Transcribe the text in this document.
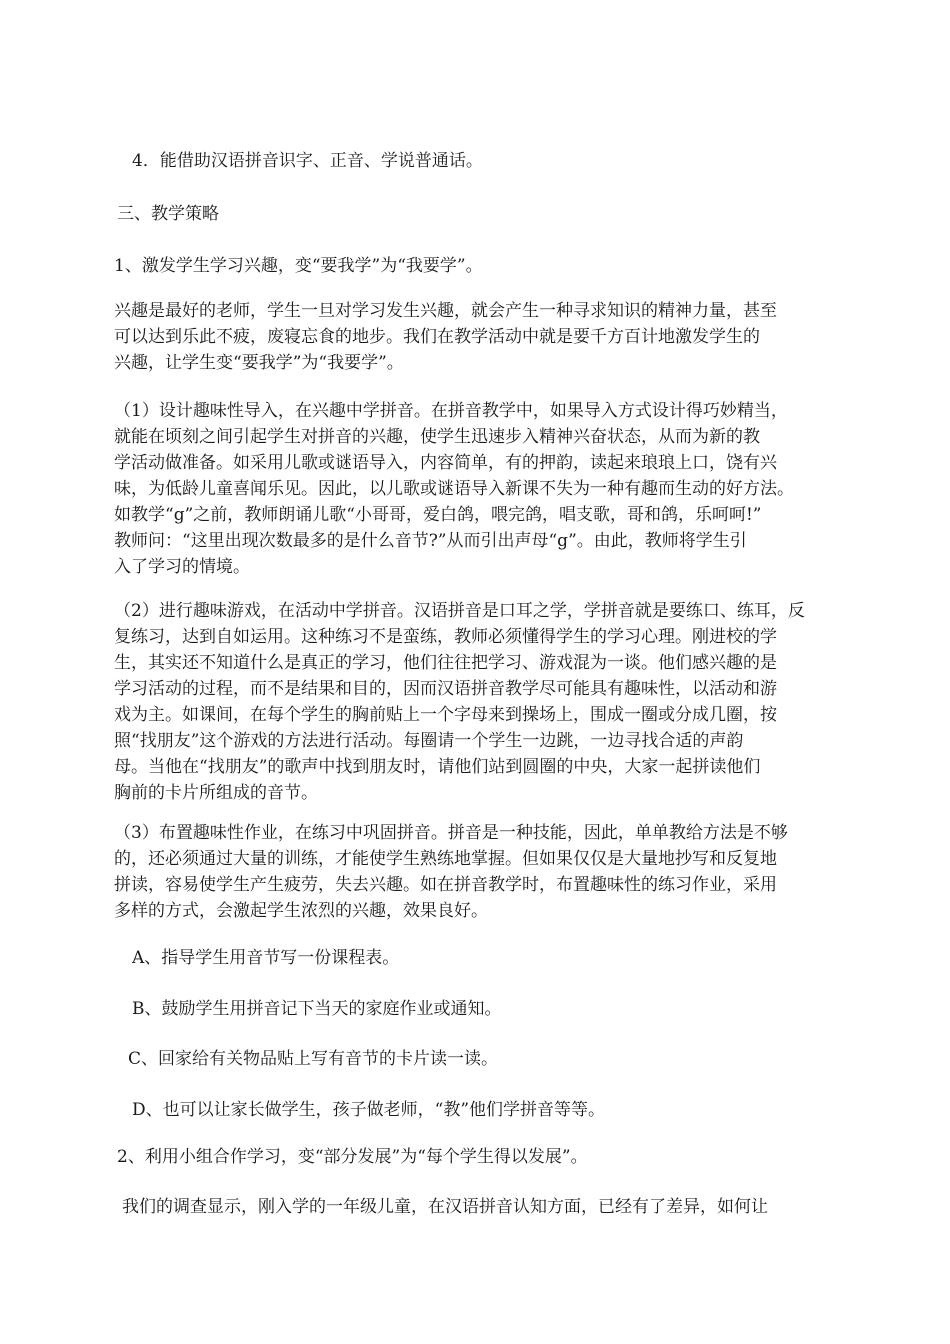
4．能借助汉语拼音识字、正音、学说普通话。
三、教学策略
1、激发学生学习兴趣，变“要我学”为“我要学”。
兴趣是最好的老师，学生一旦对学习发生兴趣，就会产生一种寻求知识的精神力量，甚至
可以达到乐此不疲，废寝忘食的地步。我们在教学活动中就是要千方百计地激发学生的
兴趣，让学生变“要我学”为“我要学”。
（1）设计趣味性导入，在兴趣中学拼音。在拼音教学中，如果导入方式设计得巧妙精当，
就能在顷刻之间引起学生对拼音的兴趣，使学生迅速步入精神兴奋状态，从而为新的教
学活动做准备。如采用儿歌或谜语导入，内容简单，有的押韵，读起来琅琅上口，饶有兴
味，为低龄儿童喜闻乐见。因此，以儿歌或谜语导入新课不失为一种有趣而生动的好方法。
如教学“g”之前，教师朗诵儿歌“小哥哥，爱白鸽，喂完鸽，唱支歌，哥和鸽，乐呵呵!”
教师问：“这里出现次数最多的是什么音节?”从而引出声母“g”。由此，教师将学生引
入了学习的情境。
（2）进行趣味游戏，在活动中学拼音。汉语拼音是口耳之学，学拼音就是要练口、练耳，反
复练习，达到自如运用。这种练习不是蛮练，教师必须懂得学生的学习心理。刚进校的学
生，其实还不知道什么是真正的学习，他们往往把学习、游戏混为一谈。他们感兴趣的是
学习活动的过程，而不是结果和目的，因而汉语拼音教学尽可能具有趣味性，以活动和游
戏为主。如课间，在每个学生的胸前贴上一个字母来到操场上，围成一圈或分成几圈，按
照“找朋友”这个游戏的方法进行活动。每圈请一个学生一边跳，一边寻找合适的声韵
母。当他在“找朋友”的歌声中找到朋友时，请他们站到圆圈的中央，大家一起拼读他们
胸前的卡片所组成的音节。
（3）布置趣味性作业，在练习中巩固拼音。拼音是一种技能，因此，单单教给方法是不够
的，还必须通过大量的训练，才能使学生熟练地掌握。但如果仅仅是大量地抄写和反复地
拼读，容易使学生产生疲劳，失去兴趣。如在拼音教学时，布置趣味性的练习作业，采用
多样的方式，会激起学生浓烈的兴趣，效果良好。
A、指导学生用音节写一份课程表。
B、鼓励学生用拼音记下当天的家庭作业或通知。
C、回家给有关物品贴上写有音节的卡片读一读。
D、也可以让家长做学生，孩子做老师，“教”他们学拼音等等。
2、利用小组合作学习，变“部分发展”为“每个学生得以发展”。
我们的调查显示，刚入学的一年级儿童，在汉语拼音认知方面，已经有了差异，如何让
